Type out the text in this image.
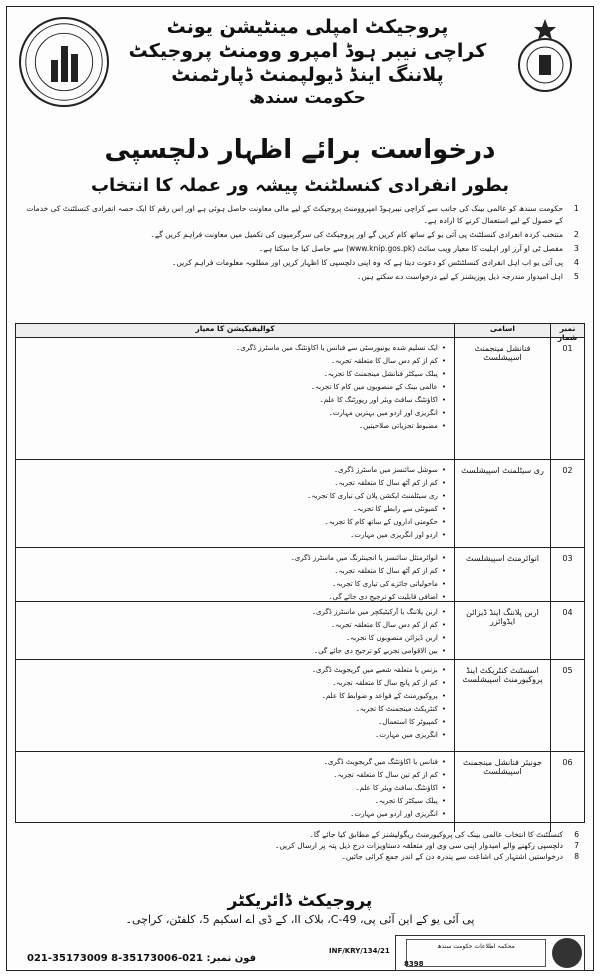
پروجیکٹ امپلی مینٹیشن یونٹ
کراچی نیبر ہوڈ امپرو وومنٹ پروجیکٹ
پلاننگ اینڈ ڈیولپمنٹ ڈپارٹمنٹ
حکومت سندھ
درخواست برائے اظہار دلچسپی
بطور انفرادی کنسلٹنٹ پیشہ ور عملہ کا انتخاب
1
حکومت سندھ کو عالمی بینک کی جانب سے کراچی نیبرہوڈ امپروومنٹ پروجیکٹ کے لیے مالی معاونت حاصل ہوئی ہے اور اس رقم کا ایک حصہ انفرادی کنسلٹنٹ کی خدمات کے حصول کے لیے استعمال کرنے کا ارادہ ہے۔
2
منتخب کردہ انفرادی کنسلٹنٹ پی آئی یو کے ساتھ کام کریں گے اور پروجیکٹ کی سرگرمیوں کی تکمیل میں معاونت فراہم کریں گے۔
3
مفصل ٹی او آرز اور اہلیت کا معیار ویب سائٹ (www.knip.gos.pk) سے حاصل کیا جا سکتا ہے۔
4
پی آئی یو اب اہل انفرادی کنسلٹنٹس کو دعوت دیتا ہے کہ وہ اپنی دلچسپی کا اظہار کریں اور مطلوبہ معلومات فراہم کریں۔
5
اہل امیدوار مندرجہ ذیل پوزیشنز کے لیے درخواست دے سکتے ہیں۔
نمبر شمار
اسامی
کوالیفیکیشن کا معیار
01
فنانشل مینجمنٹ اسپیشلسٹ
• ایک تسلیم شدہ یونیورسٹی سے فنانس یا اکاؤنٹنگ میں ماسٹرز ڈگری۔
• کم از کم دس سال کا متعلقہ تجربہ۔
• پبلک سیکٹر فنانشل مینجمنٹ کا تجربہ۔
• عالمی بینک کے منصوبوں میں کام کا تجربہ۔
• اکاؤنٹنگ سافٹ ویئر اور رپورٹنگ کا علم۔
• انگریزی اور اردو میں بہترین مہارت۔
• مضبوط تجزیاتی صلاحیتیں۔
02
ری سیٹلمنٹ اسپیشلسٹ
• سوشل سائنسز میں ماسٹرز ڈگری۔
• کم از کم آٹھ سال کا متعلقہ تجربہ۔
• ری سیٹلمنٹ ایکشن پلان کی تیاری کا تجربہ۔
• کمیونٹی سے رابطے کا تجربہ۔
• حکومتی اداروں کے ساتھ کام کا تجربہ۔
• اردو اور انگریزی میں مہارت۔
03
انوائرمنٹ اسپیشلسٹ
• انوائرمنٹل سائنسز یا انجینئرنگ میں ماسٹرز ڈگری۔
• کم از کم آٹھ سال کا متعلقہ تجربہ۔
• ماحولیاتی جائزے کی تیاری کا تجربہ۔
• اضافی قابلیت کو ترجیح دی جائے گی۔
04
اربن پلاننگ اینڈ ڈیزائن ایڈوائزر
• اربن پلاننگ یا آرکیٹیکچر میں ماسٹرز ڈگری۔
• کم از کم دس سال کا متعلقہ تجربہ۔
• اربن ڈیزائن منصوبوں کا تجربہ۔
• بین الاقوامی تجربے کو ترجیح دی جائے گی۔
05
اسسٹنٹ کنٹریکٹ اینڈ پروکیورمنٹ اسپیشلسٹ
• بزنس یا متعلقہ شعبے میں گریجویٹ ڈگری۔
• کم از کم پانچ سال کا متعلقہ تجربہ۔
• پروکیورمنٹ کے قواعد و ضوابط کا علم۔
• کنٹریکٹ مینجمنٹ کا تجربہ۔
• کمپیوٹر کا استعمال۔
• انگریزی میں مہارت۔
06
جونیئر فنانشل مینجمنٹ اسپیشلسٹ
• فنانس یا اکاؤنٹنگ میں گریجویٹ ڈگری۔
• کم از کم تین سال کا متعلقہ تجربہ۔
• اکاؤنٹنگ سافٹ ویئر کا علم۔
• پبلک سیکٹر کا تجربہ۔
• انگریزی اور اردو میں مہارت۔
6
کنسلٹنٹ کا انتخاب عالمی بینک کی پروکیورمنٹ ریگولیشنز کے مطابق کیا جائے گا۔
7
دلچسپی رکھنے والے امیدوار اپنی سی وی اور متعلقہ دستاویزات درج ذیل پتہ پر ارسال کریں۔
8
درخواستیں اشتہار کی اشاعت سے پندرہ دن کے اندر جمع کرائی جائیں۔
پروجیکٹ ڈائریکٹر
پی آئی یو کے این آئی پی، C-49، بلاک II، کے ڈی اے اسکیم 5، کلفٹن، کراچی۔
021-35173009 فون نمبر: 021-35173006-8
INF/KRY/134/21
محکمہ اطلاعات حکومت سندھ
8398
